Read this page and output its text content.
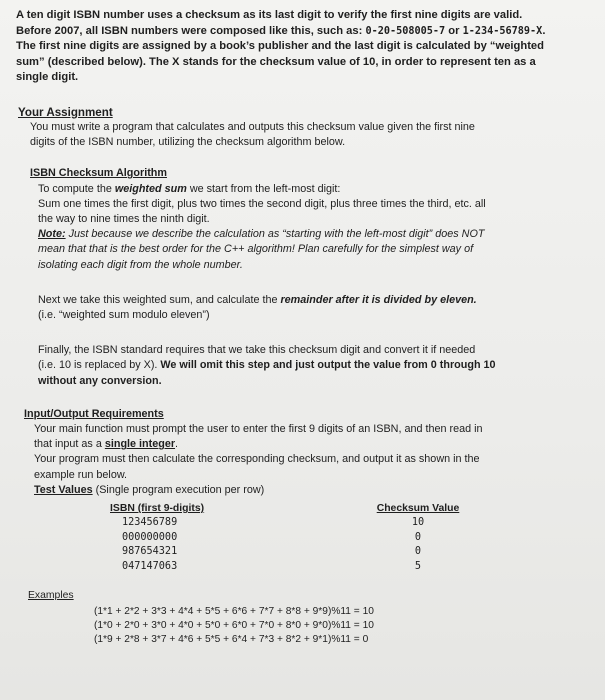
A ten digit ISBN number uses a checksum as its last digit to verify the first nine digits are valid.
Before 2007, all ISBN numbers were composed like this, such as: 0-20-508005-7 or 1-234-56789-X.
The first nine digits are assigned by a book’s publisher and the last digit is calculated by “weighted
sum” (described below). The X stands for the checksum value of 10, in order to represent ten as a
single digit.
Your Assignment

You must write a program that calculates and outputs this checksum value given the first nine

digits of the ISBN number, utilizing the checksum algorithm below.

ISBN Checksum Algorithm

To compute the weighted sum we start from the left-most digit:

Sum one times the first digit, plus two times the second digit, plus three times the third, etc. all

the way to nine times the ninth digit.

Note: Just because we describe the calculation as “starting with the left-most digit” does NOT

mean that that is the best order for the C++ algorithm! Plan carefully for the simplest way of

isolating each digit from the whole number.

Next we take this weighted sum, and calculate the remainder after it is divided by eleven.

(i.e. “weighted sum modulo eleven”)

Finally, the ISBN standard requires that we take this checksum digit and convert it if needed

(i.e. 10 is replaced by X). We will omit this step and just output the value from 0 through 10

without any conversion.

Input/Output Requirements

Your main function must prompt the user to enter the first 9 digits of an ISBN, and then read in

that input as a single integer.

Your program must then calculate the corresponding checksum, and output it as shown in the

example run below.

Test Values (Single program execution per row)

ISBN (first 9-digits)
123456789
000000000
987654321
047147063
Checksum Value
10
0
0
5
Examples
(1*1 + 2*2 + 3*3 + 4*4 + 5*5 + 6*6 + 7*7 + 8*8 + 9*9)%11 = 10
(1*0 + 2*0 + 3*0 + 4*0 + 5*0 + 6*0 + 7*0 + 8*0 + 9*0)%11 = 10
(1*9 + 2*8 + 3*7 + 4*6 + 5*5 + 6*4 + 7*3 + 8*2 + 9*1)%11 = 0
